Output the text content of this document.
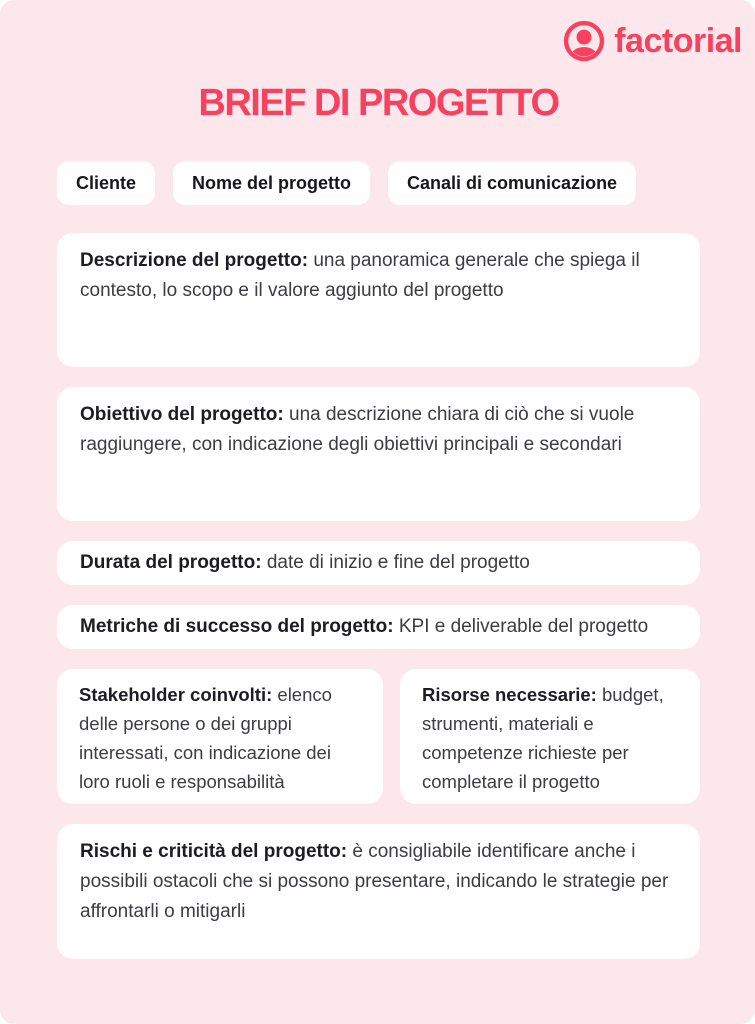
factorial
BRIEF DI PROGETTO
Cliente	Nome del progetto	Canali di comunicazione

Descrizione del progetto: una panoramica generale che spiega il contesto, lo scopo e il valore aggiunto del progetto

Obiettivo del progetto: una descrizione chiara di ciò che si vuole raggiungere, con indicazione degli obiettivi principali e secondari

Durata del progetto: date di inizio e fine del progetto

Metriche di successo del progetto: KPI e deliverable del progetto

Stakeholder coinvolti: elenco delle persone o dei gruppi interessati, con indicazione dei loro ruoli e responsabilità

Risorse necessarie: budget, strumenti, materiali e competenze richieste per completare il progetto

Rischi e criticità del progetto: è consigliabile identificare anche i possibili ostacoli che si possono presentare, indicando le strategie per affrontarli o mitigarli
